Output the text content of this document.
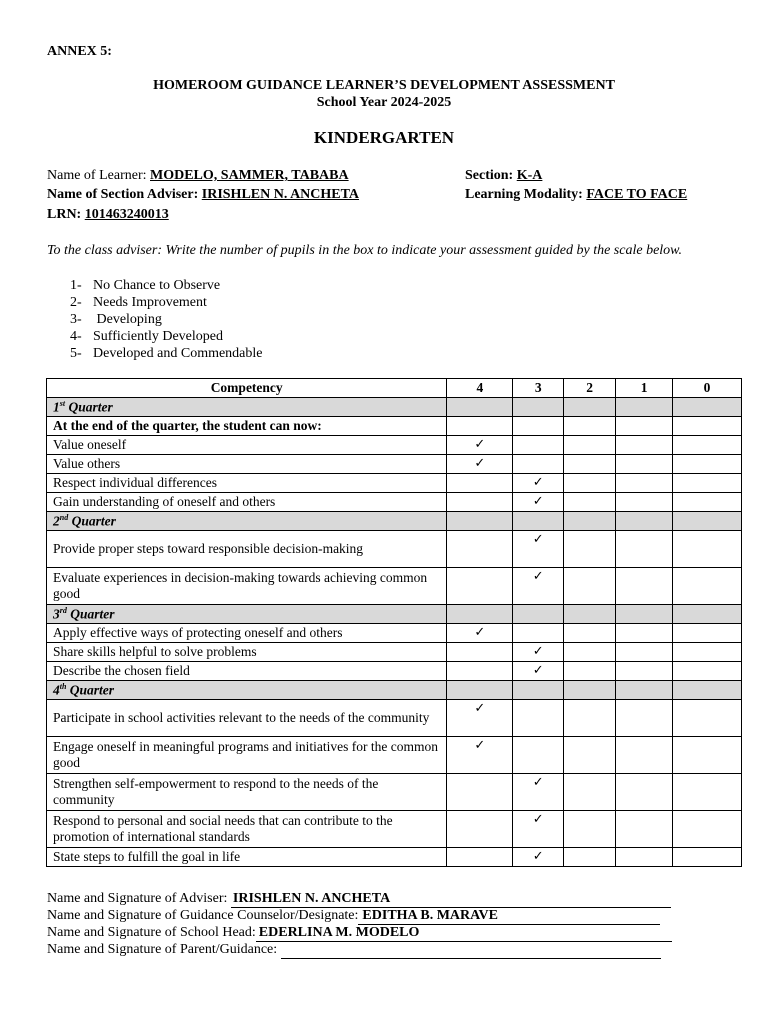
ANNEX 5:
HOMEROOM GUIDANCE LEARNER’S DEVELOPMENT ASSESSMENT
School Year 2024-2025
KINDERGARTEN
Name of Learner: MODELO, SAMMER, TABABA	Section: K-A
Name of Section Adviser: IRISHLEN N. ANCHETA	Learning Modality: FACE TO FACE
LRN: 101463240013
To the class adviser: Write the number of pupils in the box to indicate your assessment guided by the scale below.
1- No Chance to Observe
2- Needs Improvement
3- Developing
4- Sufficiently Developed
5- Developed and Commendable
Competency	4	3	2	1	0
1st Quarter					
At the end of the quarter, the student can now:					
Value oneself	✓				
Value others	✓				
Respect individual differences		✓			
Gain understanding of oneself and others		✓			
2nd Quarter					
Provide proper steps toward responsible decision-making		✓			
Evaluate experiences in decision-making towards achieving common good		✓			
3rd Quarter					
Apply effective ways of protecting oneself and others	✓				
Share skills helpful to solve problems		✓			
Describe the chosen field		✓			
4th Quarter					
Participate in school activities relevant to the needs of the community	✓				
Engage oneself in meaningful programs and initiatives for the common good	✓				
Strengthen self-empowerment to respond to the needs of the community		✓			
Respond to personal and social needs that can contribute to the promotion of international standards		✓			
State steps to fulfill the goal in life		✓			
Name and Signature of Adviser: IRISHLEN N. ANCHETA
Name and Signature of Guidance Counselor/Designate: EDITHA B. MARAVE
Name and Signature of School Head: EDERLINA M. MODELO
Name and Signature of Parent/Guidance:
